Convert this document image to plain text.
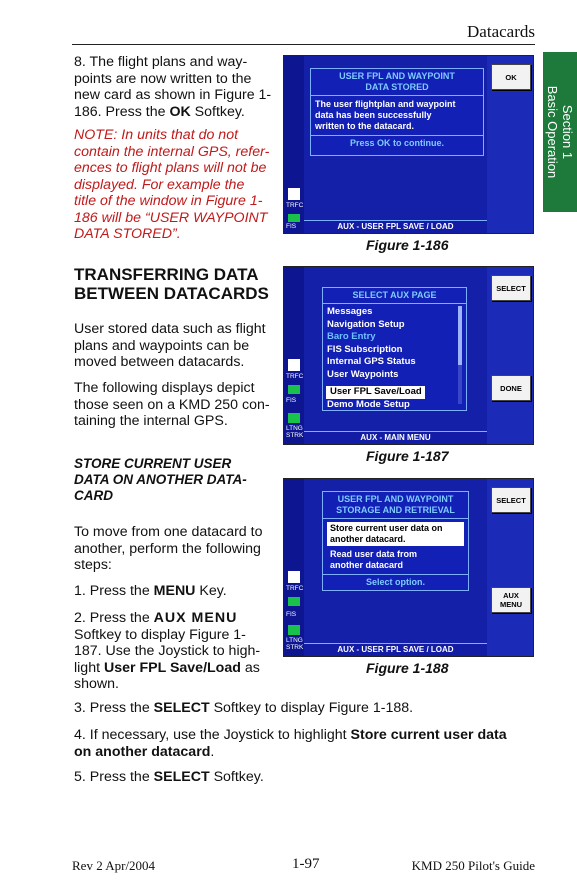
Datacards
Section 1
Basic Operation
8. The flight plans and way-
points are now written to the
new card as shown in Figure 1-
186. Press the OK Softkey.
NOTE: In units that do not
contain the internal GPS, refer-
ences to flight plans will not be
displayed. For example the
title of the window in Figure 1-
186 will be “USER WAYPOINT
DATA STORED”.
TRANSFERRING DATA
BETWEEN DATACARDS
User stored data such as flight
plans and waypoints can be
moved between datacards.
The following displays depict
those seen on a KMD 250 con-
taining the internal GPS.
STORE CURRENT USER
DATA ON ANOTHER DATA-
CARD
To move from one datacard to
another, perform the following
steps:
1. Press the MENU Key.
2. Press the AUX MENU
Softkey to display Figure 1-
187. Use the Joystick to high-
light User FPL Save/Load as
shown.
3. Press the SELECT Softkey to display Figure 1-188.
4. If necessary, use the Joystick to highlight Store current user data
on another datacard.
5. Press the SELECT Softkey.
TRFC
FIS
OK
USER FPL AND WAYPOINT
DATA STORED
The user flightplan and waypoint
data has been successfully
written to the datacard.
Press OK to continue.
AUX - USER FPL SAVE / LOAD
Figure 1-186
TRFC
FIS
LTNG
STRK
SELECT
DONE
SELECT AUX PAGE
Messages
Navigation Setup
Baro Entry
FIS Subscription
Internal GPS Status
User Waypoints
User FPL Save/Load
Demo Mode Setup
AUX - MAIN MENU
Figure 1-187
TRFC
FIS
LTNG
STRK
SELECT
AUX
MENU
USER FPL AND WAYPOINT
STORAGE AND RETRIEVAL
Store current user data on
another datacard.
Read user data from
another datacard
Select option.
AUX - USER FPL SAVE / LOAD
Figure 1-188
Rev 2 Apr/2004	1-97	KMD 250 Pilot's Guide
